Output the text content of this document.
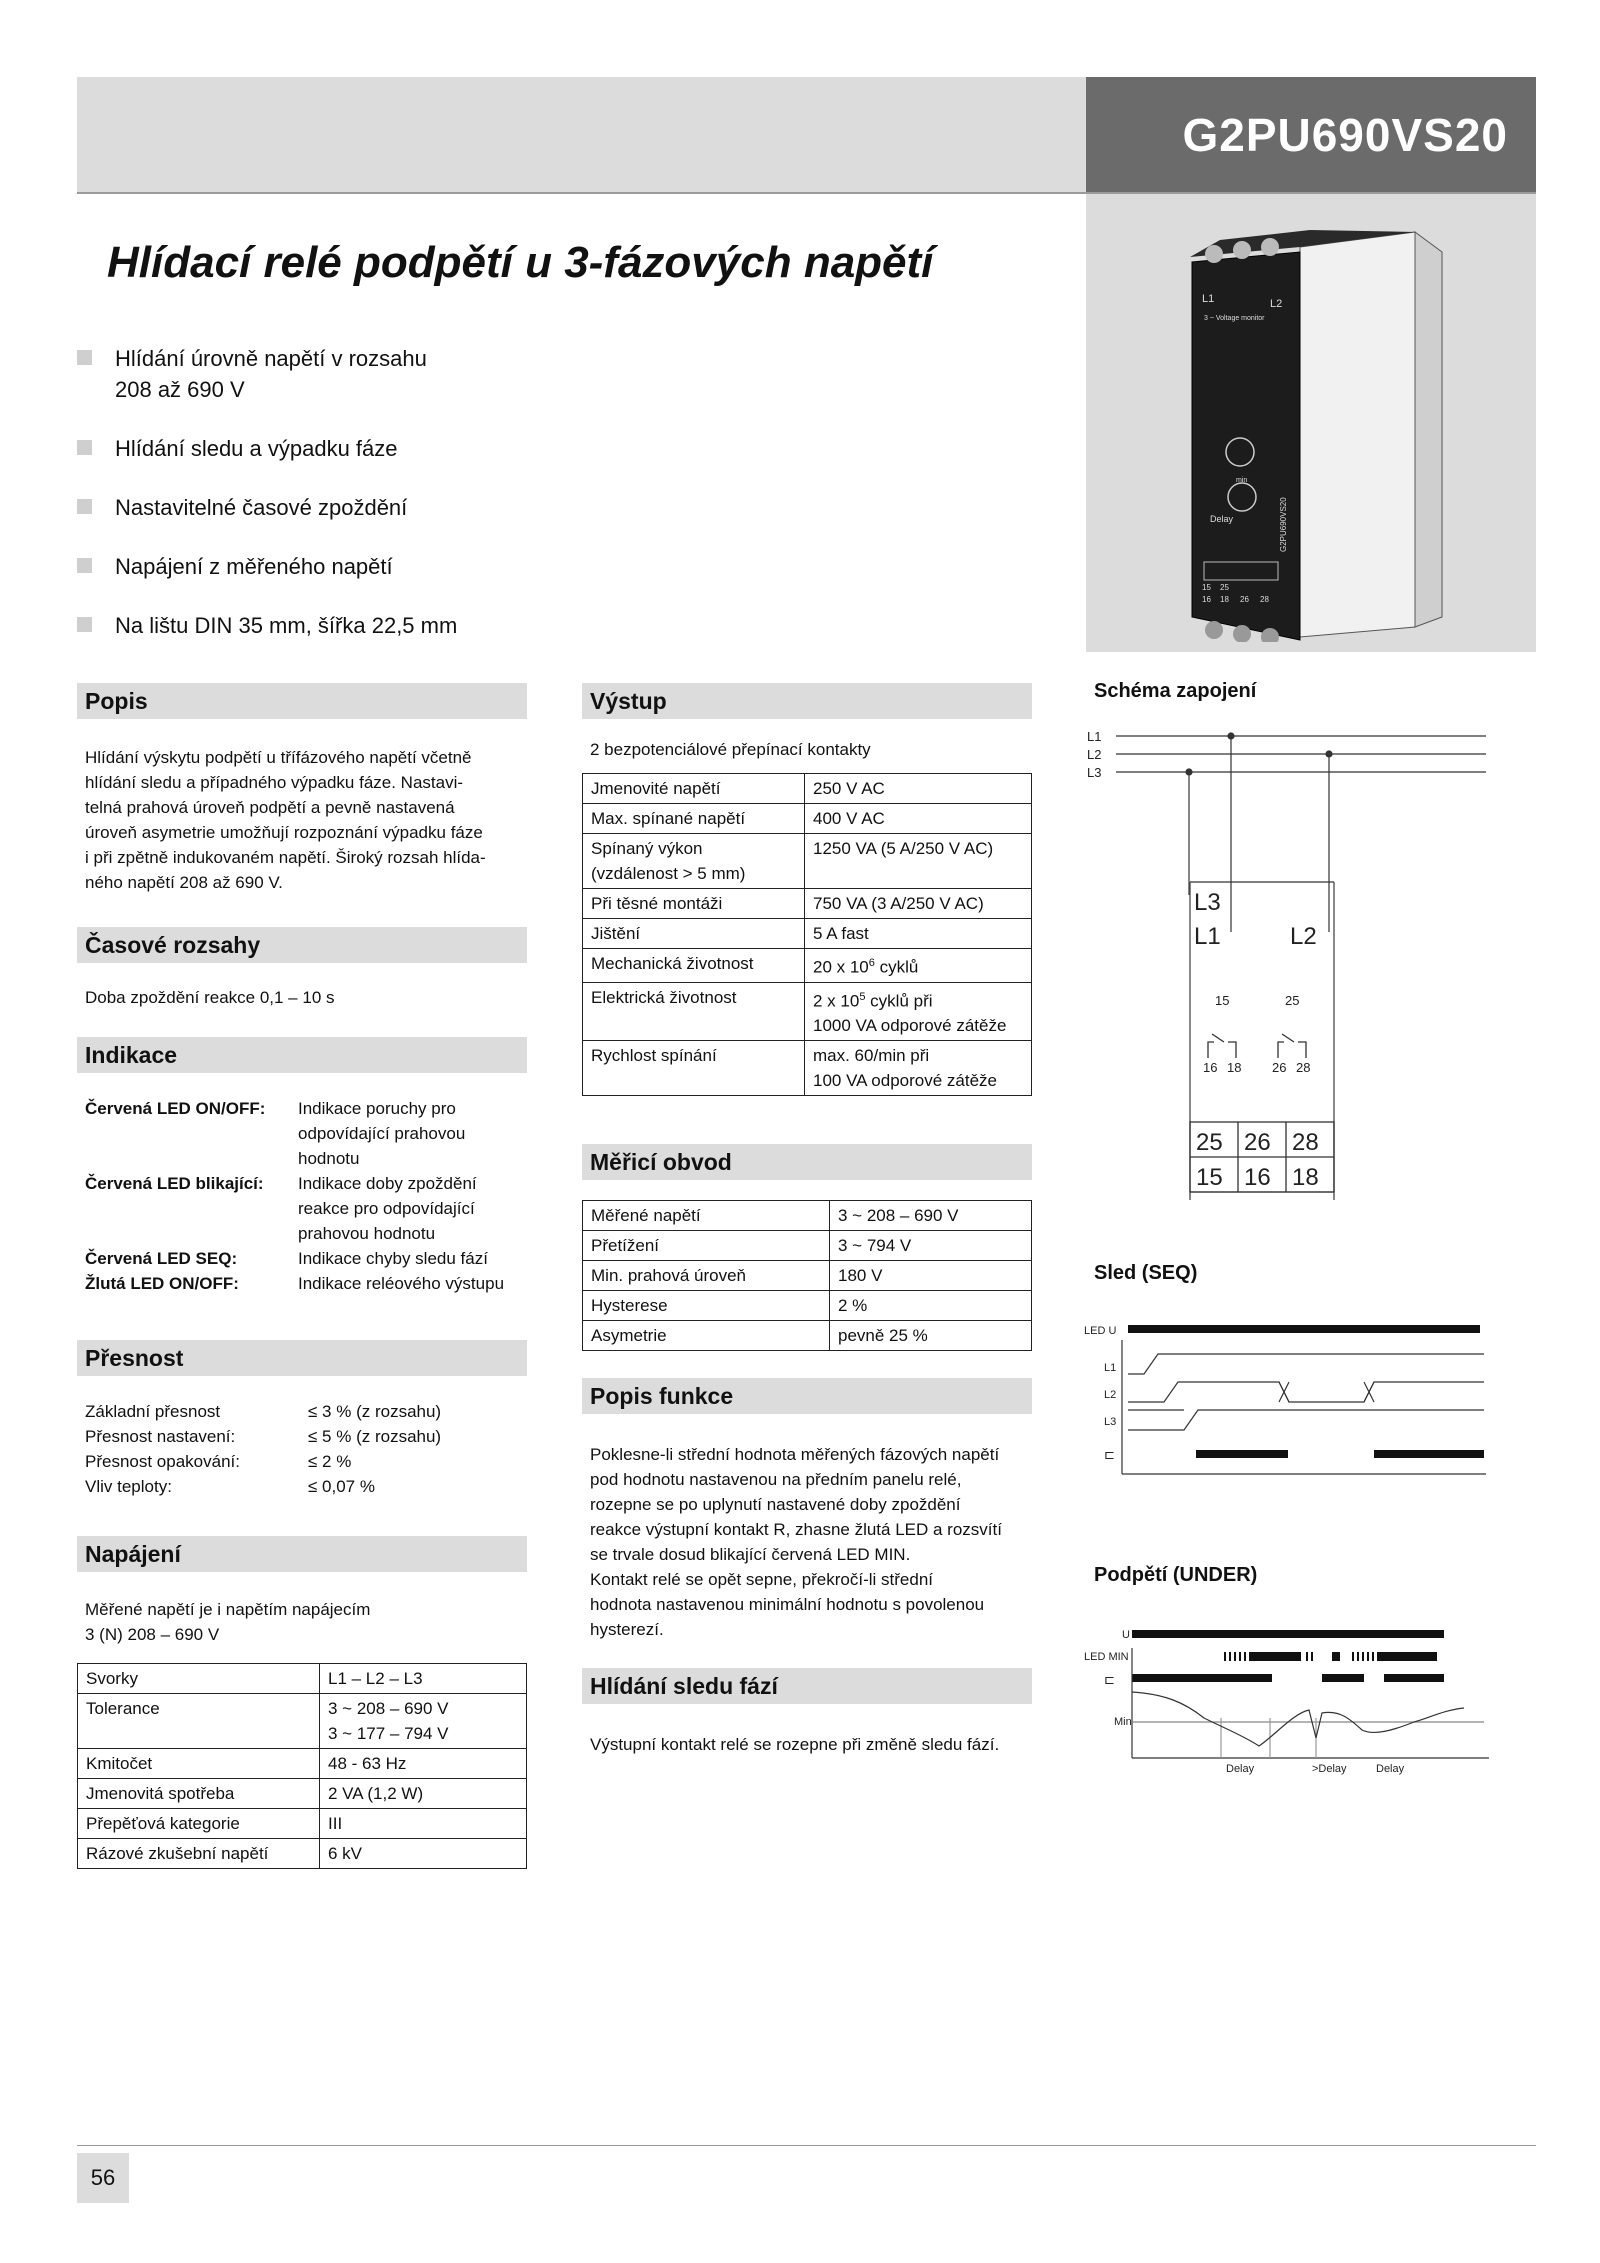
G2PU690VS20
Hlídací relé podpětí u 3-fázových napětí
Hlídání úrovně napětí v rozsahu
208 až 690 V
Hlídání sledu a výpadku fáze
Nastavitelné časové zpoždění
Napájení z měřeného napětí
Na lištu DIN 35 mm, šířka 22,5 mm
L1	L2
3 ~ Voltage monitor
Delay
min
15 25
16 18 26 28
G2PU690VS20
Popis
Hlídání výskytu podpětí u třífázového napětí včetně
hlídání sledu a případného výpadku fáze. Nastavi-
telná prahová úroveň podpětí a pevně nastavená
úroveň asymetrie umožňují rozpoznání výpadku fáze
i při zpětně indukovaném napětí. Široký rozsah hlída-
ného napětí 208 až 690 V.
Časové rozsahy
Doba zpoždění reakce 0,1 – 10 s
Indikace
Červená LED ON/OFF:	Indikace poruchy pro
odpovídající prahovou
hodnotu
Červená LED blikající:	Indikace doby zpoždění
reakce pro odpovídající
prahovou hodnotu
Červená LED SEQ:	Indikace chyby sledu fází
Žlutá LED ON/OFF:	Indikace reléového výstupu
Přesnost
Základní přesnost	≤ 3 % (z rozsahu)
Přesnost nastavení:	≤ 5 % (z rozsahu)
Přesnost opakování:	≤ 2 %
Vliv teploty:	≤ 0,07 %
Napájení
Měřené napětí je i napětím napájecím
3 (N) 208 – 690 V
Svorky	L1 – L2 – L3

Tolerance	3 ~ 208 – 690 V
3 ~ 177 – 794 V

Kmitočet	48 - 63 Hz

Jmenovitá spotřeba	2 VA (1,2 W)

Přepěťová kategorie	III

Rázové zkušební napětí	6 kV
Výstup
2 bezpotenciálové přepínací kontakty
Jmenovité napětí	250 V AC

Max. spínané napětí	400 V AC

Spínaný výkon
(vzdálenost > 5 mm)	1250 VA (5 A/250 V AC)

Při těsné montáži	750 VA (3 A/250 V AC)

Jištění	5 A fast

Mechanická životnost	20 x $10^6$ cyklů

Elektrická životnost	2 x $10^5$ cyklů při
1000 VA odporové zátěže

Rychlost spínání	max. 60/min při
100 VA odporové zátěže
Měřicí obvod
Měřené napětí	3 ~ 208 – 690 V
Přetížení	3 ~ 794 V
Min. prahová úroveň	180 V
Hysterese	2 %
Asymetrie	pevně 25 %
Popis funkce
Poklesne-li střední hodnota měřených fázových napětí
pod hodnotu nastavenou na předním panelu relé,
rozepne se po uplynutí nastavené doby zpoždění
reakce výstupní kontakt R, zhasne žlutá LED a rozsvítí
se trvale dosud blikající červená LED MIN.
Kontakt relé se opět sepne, překročí-li střední
hodnota nastavenou minimální hodnotu s povolenou
hysterezí.
Hlídání sledu fází
Výstupní kontakt relé se rozepne při změně sledu fází.
Schéma zapojení
L1
L2
L3
L3
L1	L2
15	25
16 18 26 28
25 26 28
15 16 18
Sled (SEQ)
LED U
L1
L2
L3
⊏
Podpětí (UNDER)
U
LED MIN
Min
Delay	>Delay	Delay
⊏
56
